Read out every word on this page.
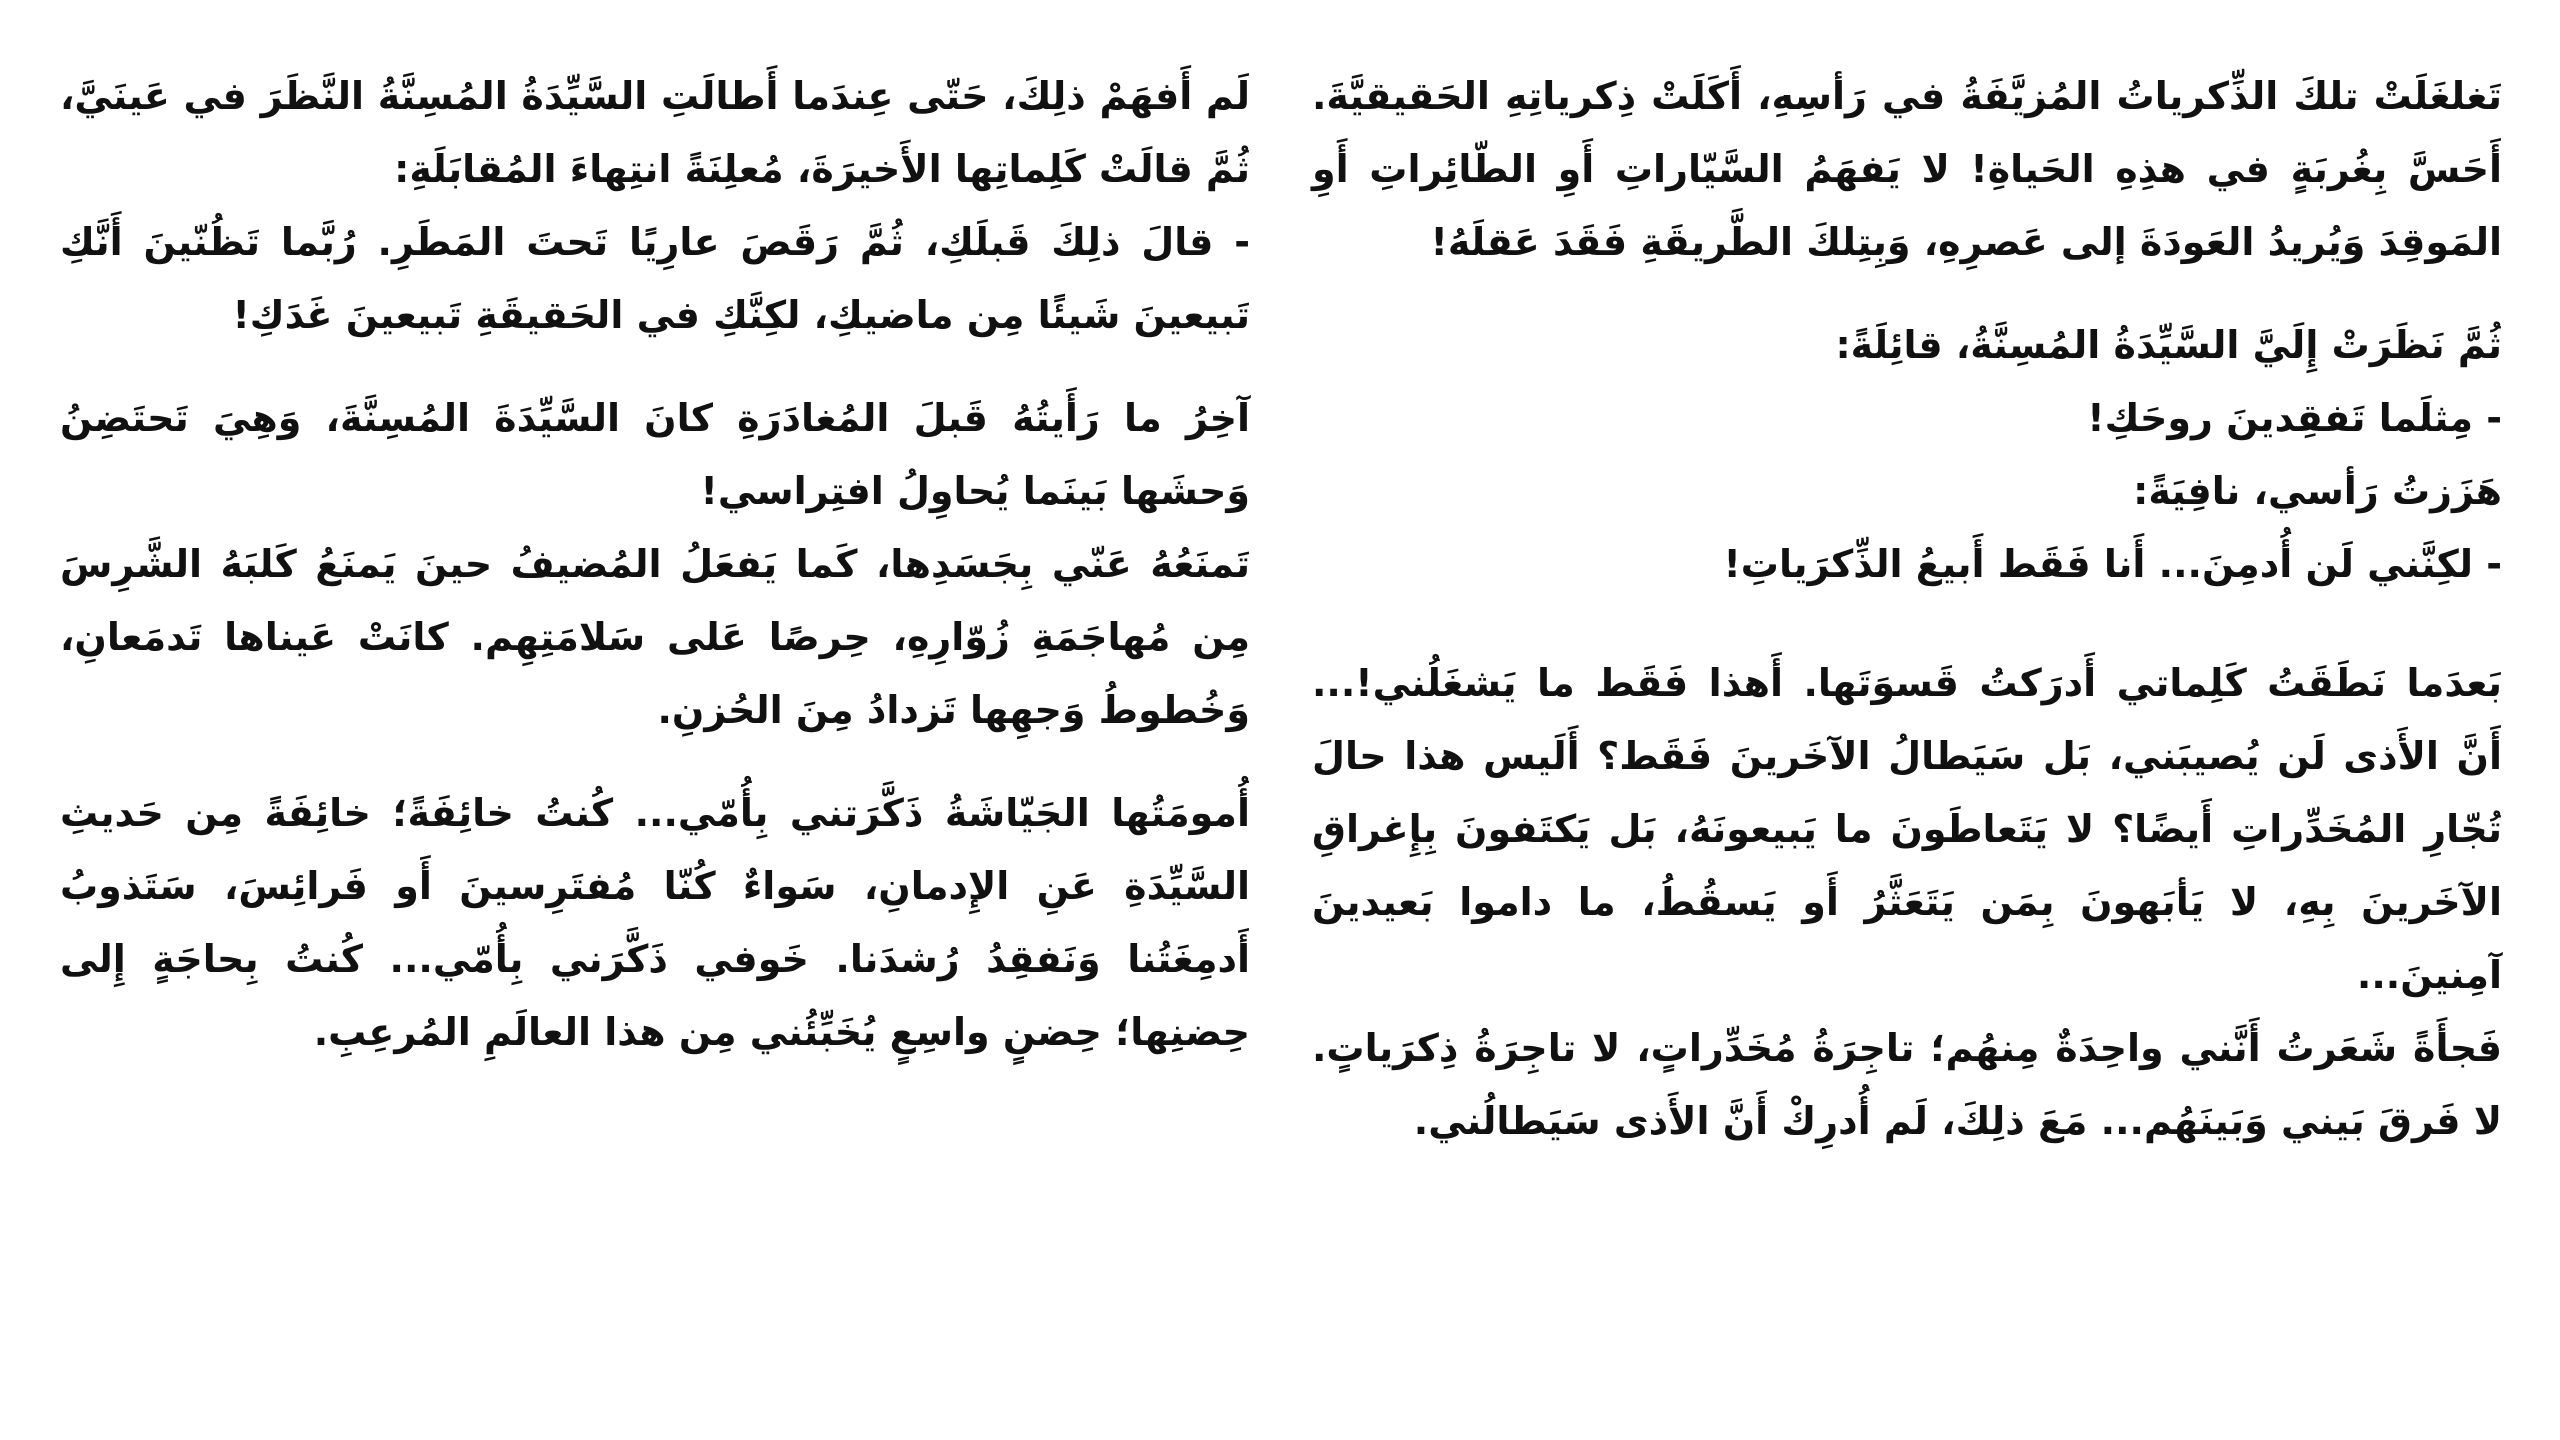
تَغلغَلَتْ تلكَ الذِّكرياتُ المُزيَّفَةُ في رَأسِهِ، أَكَلَتْ ذِكرياتِهِ الحَقيقيَّةَ. أَحَسَّ بِغُربَةٍ في هذِهِ الحَياةِ! لا يَفهَمُ السَّيّاراتِ أَوِ الطّائِراتِ أَوِ المَوقِدَ وَيُريدُ العَودَةَ إلى عَصرِهِ، وَبِتِلكَ الطَّريقَةِ فَقَدَ عَقلَهُ!

ثُمَّ نَظَرَتْ إِلَيَّ السَّيِّدَةُ المُسِنَّةُ، قائِلَةً:

- مِثلَما تَفقِدينَ روحَكِ!

هَزَزتُ رَأسي، نافِيَةً:

- لكِنَّني لَن أُدمِنَ... أَنا فَقَط أَبيعُ الذِّكرَياتِ!

بَعدَما نَطَقَتُ كَلِماتي أَدرَكتُ قَسوَتَها. أَهذا فَقَط ما يَشغَلُني!... أَنَّ الأَذى لَن يُصيبَني، بَل سَيَطالُ الآخَرينَ فَقَط؟ أَلَيس هذا حالَ تُجّارِ المُخَدِّراتِ أَيضًا؟ لا يَتَعاطَونَ ما يَبيعونَهُ، بَل يَكتَفونَ بِإِغراقِ الآخَرينَ بِهِ، لا يَأبَهونَ بِمَن يَتَعَثَّرُ أَو يَسقُطُ، ما داموا بَعيدينَ آمِنينَ...

فَجأَةً شَعَرتُ أَنَّني واحِدَةٌ مِنهُم؛ تاجِرَةُ مُخَدِّراتٍ، لا تاجِرَةُ ذِكرَياتٍ. لا فَرقَ بَيني وَبَينَهُم... مَعَ ذلِكَ، لَم أُدرِكْ أَنَّ الأَذى سَيَطالُني.

لَم أَفهَمْ ذلِكَ، حَتّى عِندَما أَطالَتِ السَّيِّدَةُ المُسِنَّةُ النَّظَرَ في عَينَيَّ، ثُمَّ قالَتْ كَلِماتِها الأَخيرَةَ، مُعلِنَةً انتِهاءَ المُقابَلَةِ:

- قالَ ذلِكَ قَبلَكِ، ثُمَّ رَقَصَ عارِيًا تَحتَ المَطَرِ. رُبَّما تَظُنّينَ أَنَّكِ تَبيعينَ شَيئًا مِن ماضيكِ، لكِنَّكِ في الحَقيقَةِ تَبيعينَ غَدَكِ!

آخِرُ ما رَأَيتُهُ قَبلَ المُغادَرَةِ كانَ السَّيِّدَةَ المُسِنَّةَ، وَهِيَ تَحتَضِنُ وَحشَها بَينَما يُحاوِلُ افتِراسي!

تَمنَعُهُ عَنّي بِجَسَدِها، كَما يَفعَلُ المُضيفُ حينَ يَمنَعُ كَلبَهُ الشَّرِسَ مِن مُهاجَمَةِ زُوّارِهِ، حِرصًا عَلى سَلامَتِهِم. كانَتْ عَيناها تَدمَعانِ، وَخُطوطُ وَجهِها تَزدادُ مِنَ الحُزنِ.

أُمومَتُها الجَيّاشَةُ ذَكَّرَتني بِأُمّي... كُنتُ خائِفَةً؛ خائِفَةً مِن حَديثِ السَّيِّدَةِ عَنِ الإِدمانِ، سَواءٌ كُنّا مُفتَرِسينَ أَو فَرائِسَ، سَتَذوبُ أَدمِغَتُنا وَنَفقِدُ رُشدَنا. خَوفي ذَكَّرَني بِأُمّي... كُنتُ بِحاجَةٍ إِلى حِضنِها؛ حِضنٍ واسِعٍ يُخَبِّئُني مِن هذا العالَمِ المُرعِبِ.
